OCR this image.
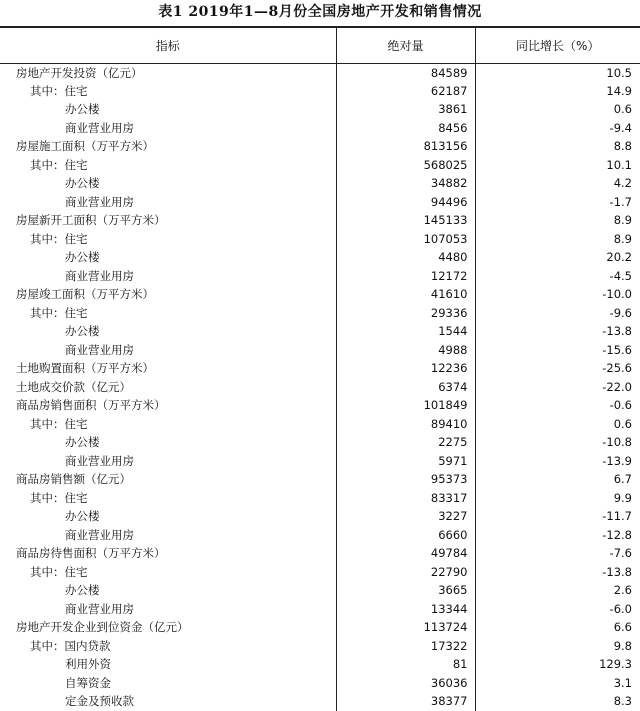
表1 2019年1—8月份全国房地产开发和销售情况
指标	绝对量	同比增长（%）
房地产开发投资（亿元）	84589	10.5
其中：住宅	62187	14.9
办公楼	3861	0.6
商业营业用房	8456	-9.4
房屋施工面积（万平方米）	813156	8.8
其中：住宅	568025	10.1
办公楼	34882	4.2
商业营业用房	94496	-1.7
房屋新开工面积（万平方米）	145133	8.9
其中：住宅	107053	8.9
办公楼	4480	20.2
商业营业用房	12172	-4.5
房屋竣工面积（万平方米）	41610	-10.0
其中：住宅	29336	-9.6
办公楼	1544	-13.8
商业营业用房	4988	-15.6
土地购置面积（万平方米）	12236	-25.6
土地成交价款（亿元）	6374	-22.0
商品房销售面积（万平方米）	101849	-0.6
其中：住宅	89410	0.6
办公楼	2275	-10.8
商业营业用房	5971	-13.9
商品房销售额（亿元）	95373	6.7
其中：住宅	83317	9.9
办公楼	3227	-11.7
商业营业用房	6660	-12.8
商品房待售面积（万平方米）	49784	-7.6
其中：住宅	22790	-13.8
办公楼	3665	2.6
商业营业用房	13344	-6.0
房地产开发企业到位资金（亿元）	113724	6.6
其中：国内贷款	17322	9.8
利用外资	81	129.3
自筹资金	36036	3.1
定金及预收款	38377	8.3
